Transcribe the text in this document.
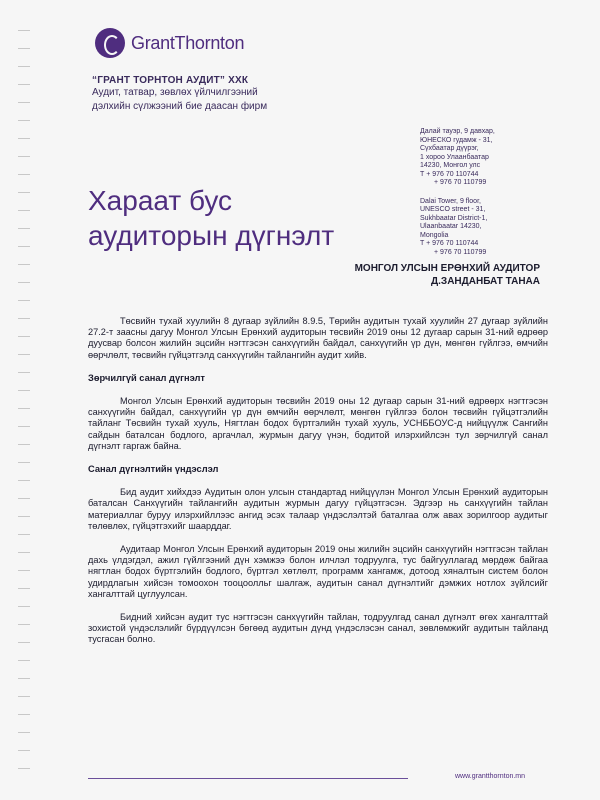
GrantThornton
“ГРАНТ ТОРНТОН АУДИТ” ХХК
Аудит, татвар, зөвлөх үйлчилгээний
дэлхийн сүлжээний бие даасан фирм
Далай тауэр, 9 давхар,
ЮНЕСКО гудамж - 31,
Сүхбаатар дүүрэг,
1 хороо Улаанбаатар
14230, Монгол улс
Т + 976 70 110744
+ 976 70 110799
Dalai Tower, 9 floor,
UNESCO street - 31,
Sukhbaatar District-1,
Ulaanbaatar 14230,
Mongolia
T + 976 70 110744
+ 976 70 110799
Хараат бус
аудиторын дүгнэлт
МОНГОЛ УЛСЫН ЕРӨНХИЙ АУДИТОР
Д.ЗАНДАНБАТ ТАНАА

Төсвийн тухай хуулийн 8 дугаар зүйлийн 8.9.5, Төрийн аудитын тухай хуулийн 27 дугаар зүйлийн 27.2-т заасны дагуу Монгол Улсын Ерөнхий аудиторын төсвийн 2019 оны 12 дугаар сарын 31-ний өдрөөр дуусвар болсон жилийн эцсийн нэгтгэсэн санхүүгийн байдал, санхүүгийн үр дүн, мөнгөн гүйлгээ, өмчийн өөрчлөлт, төсвийн гүйцэтгэлд санхүүгийн тайлангийн аудит хийв.

Зөрчилгүй санал дүгнэлт

Монгол Улсын Ерөнхий аудиторын төсвийн 2019 оны 12 дугаар сарын 31-ний өдрөөрх нэгтгэсэн санхүүгийн байдал, санхүүгийн үр дүн өмчийн өөрчлөлт, мөнгөн гүйлгээ болон төсвийн гүйцэтгэлийн тайланг Төсвийн тухай хууль, Нягтлан бодох бүртгэлийн тухай хууль, УСНББОУС-д нийцүүлж Сангийн сайдын баталсан бодлого, аргачлал, журмын дагуу үнэн, бодитой илэрхийлсэн тул зөрчилгүй санал дүгнэлт гаргаж байна.

Санал дүгнэлтийн үндэслэл

Бид аудит хийхдээ Аудитын олон улсын стандартад нийцүүлэн Монгол Улсын Ерөнхий аудиторын баталсан Санхүүгийн тайлангийн аудитын журмын дагуу гүйцэтгэсэн. Эдгээр нь санхүүгийн тайлан материаллаг буруу илэрхийллээс ангид эсэх талаар үндэслэлтэй баталгаа олж авах зорилгоор аудитыг төлөвлөх, гүйцэтгэхийг шаарддаг.

Аудитаар Монгол Улсын Ерөнхий аудиторын 2019 оны жилийн эцсийн санхүүгийн нэгтгэсэн тайлан дахь үлдэгдэл, ажил гүйлгээний дүн хэмжээ болон илчлэл тодруулга, тус байгууллагад мөрдөж байгаа нягтлан бодох бүртгэлийн бодлого, бүртгэл хөтлөлт, программ хангамж, дотоод хяналтын систем болон удирдлагын хийсэн томоохон тооцоолльг шалгаж, аудитын санал дүгнэлтийг дэмжих нотлох зүйлсийг хангалттай цуглуулсан.

Бидний хийсэн аудит тус нэгтгэсэн санхүүгийн тайлан, тодруулгад санал дүгнэлт өгөх хангалттай зохистой үндэслэлийг бүрдүүлсэн бөгөөд аудитын дүнд үндэслэсэн санал, зөвлөмжийг аудитын тайланд тусгасан болно.

www.grantthornton.mn
